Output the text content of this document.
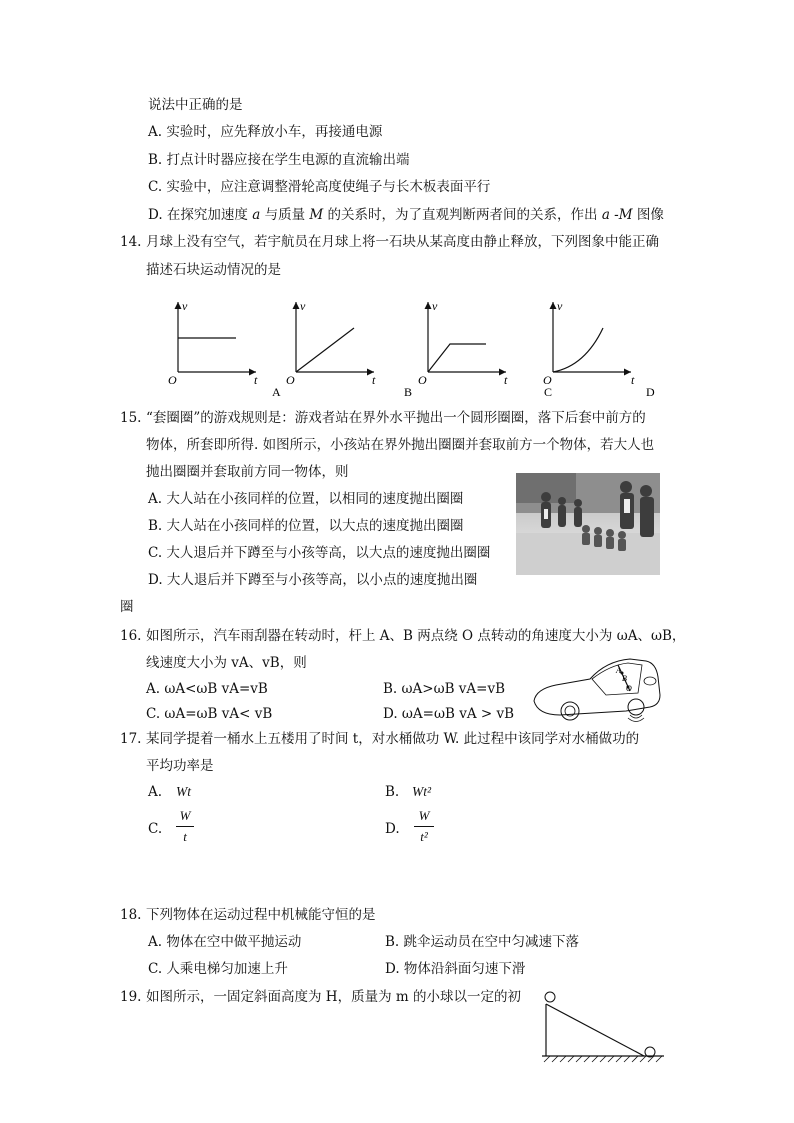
说法中正确的是
A. 实验时，应先释放小车，再接通电源
B. 打点计时器应接在学生电源的直流输出端
C. 实验中，应注意调整滑轮高度使绳子与长木板表面平行
D. 在探究加速度 a 与质量 M 的关系时，为了直观判断两者间的关系，作出 a -M 图像
14. 月球上没有空气，若宇航员在月球上将一石块从某高度由静止释放，下列图象中能正确
描述石块运动情况的是
v
O	t
v
O	t
A
v
O	t
B
v
O	t
C	D
15. “套圈圈”的游戏规则是：游戏者站在界外水平抛出一个圆形圈圈，落下后套中前方的
物体，所套即所得. 如图所示，小孩站在界外抛出圈圈并套取前方一个物体，若大人也
抛出圈圈并套取前方同一物体，则
A. 大人站在小孩同样的位置，以相同的速度抛出圈圈
B. 大人站在小孩同样的位置，以大点的速度抛出圈圈
C. 大人退后并下蹲至与小孩等高，以大点的速度抛出圈圈
D. 大人退后并下蹲至与小孩等高，以小点的速度抛出圈
圈
16. 如图所示，汽车雨刮器在转动时，杆上 A、B 两点绕 O 点转动的角速度大小为 ωA、ωB，
线速度大小为 vA、vB，则
A. ωA<ωB vA=vB	B. ωA>ωB vA=vB
C. ωA=ωB vA< vB	D. ωA=ωB vA > vB
A
B
O
17. 某同学提着一桶水上五楼用了时间 t，对水桶做功 W. 此过程中该同学对水桶做功的
平均功率是
A. Wt	B. Wt²
C.
W
t	D.
W
t²
18. 下列物体在运动过程中机械能守恒的是
A. 物体在空中做平抛运动	B. 跳伞运动员在空中匀减速下落
C. 人乘电梯匀加速上升	D. 物体沿斜面匀速下滑
19. 如图所示，一固定斜面高度为 H，质量为 m 的小球以一定的初
